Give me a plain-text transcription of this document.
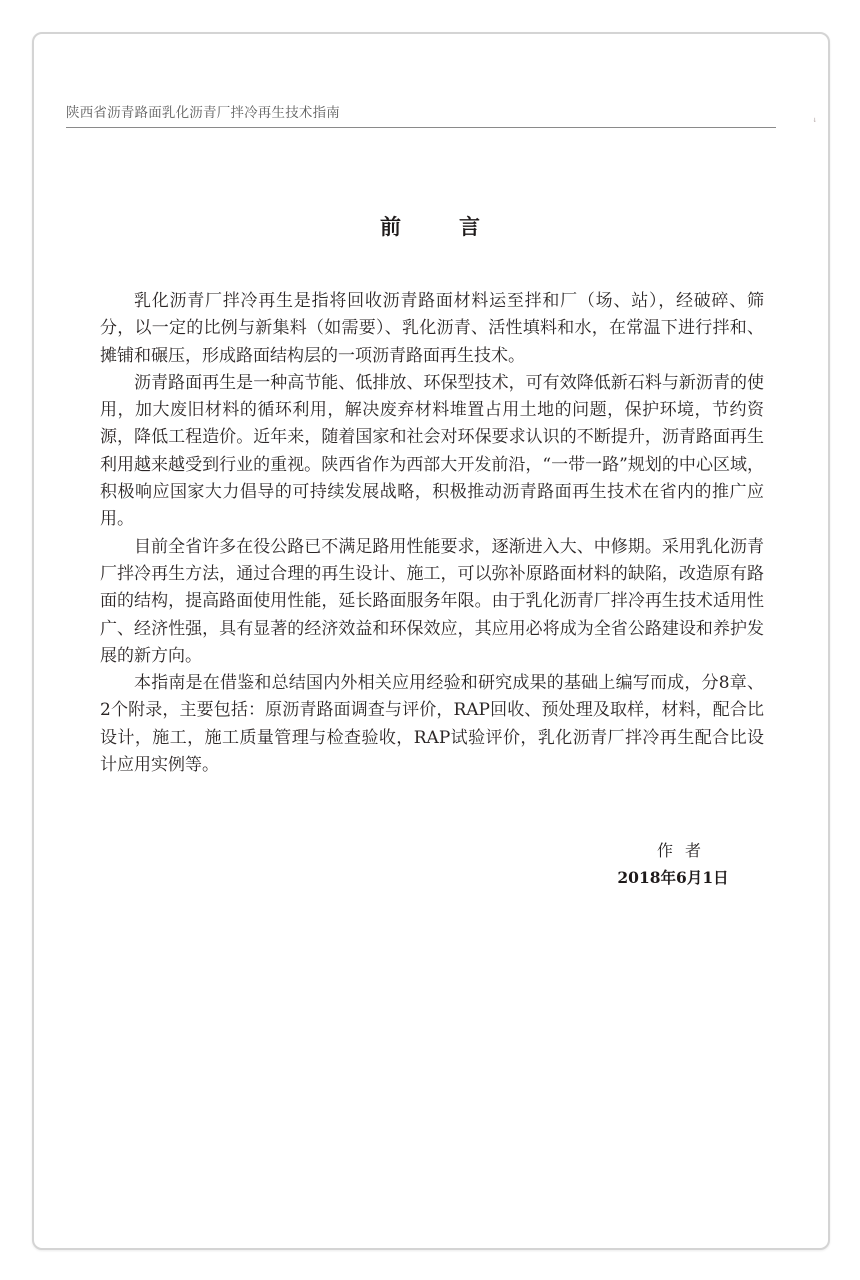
陕西省沥青路面乳化沥青厂拌冷再生技术指南
ꜜ
前	言

乳化沥青厂拌冷再生是指将回收沥青路面材料运至拌和厂（场、站），经破碎、筛分，以一定的比例与新集料（如需要）、乳化沥青、活性填料和水，在常温下进行拌和、摊铺和碾压，形成路面结构层的一项沥青路面再生技术。

沥青路面再生是一种高节能、低排放、环保型技术，可有效降低新石料与新沥青的使用，加大废旧材料的循环利用，解决废弃材料堆置占用土地的问题，保护环境，节约资源，降低工程造价。近年来，随着国家和社会对环保要求认识的不断提升，沥青路面再生利用越来越受到行业的重视。陕西省作为西部大开发前沿，“一带一路”规划的中心区域，积极响应国家大力倡导的可持续发展战略，积极推动沥青路面再生技术在省内的推广应用。

目前全省许多在役公路已不满足路用性能要求，逐渐进入大、中修期。采用乳化沥青厂拌冷再生方法，通过合理的再生设计、施工，可以弥补原路面材料的缺陷，改造原有路面的结构，提高路面使用性能，延长路面服务年限。由于乳化沥青厂拌冷再生技术适用性广、经济性强，具有显著的经济效益和环保效应，其应用必将成为全省公路建设和养护发展的新方向。

本指南是在借鉴和总结国内外相关应用经验和研究成果的基础上编写而成，分8章、2个附录，主要包括：原沥青路面调查与评价，RAP回收、预处理及取样，材料，配合比设计，施工，施工质量管理与检查验收，RAP试验评价，乳化沥青厂拌冷再生配合比设计应用实例等。

作者
2018年6月1日
